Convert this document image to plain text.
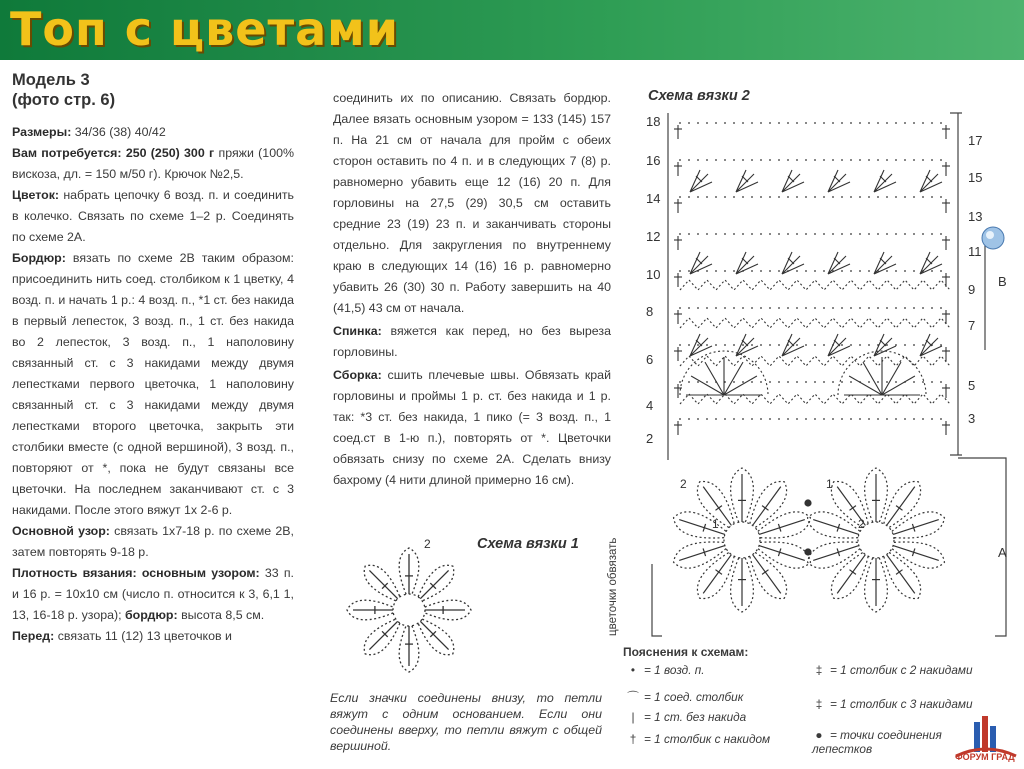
Топ с цветами
Модель 3
(фото стр. 6)
Размеры: 34/36 (38) 40/42
Вам потребуется: 250 (250) 300 г пряжи (100% вискоза, дл. = 150 м/50 г). Крючок №2,5.
Цветок: набрать цепочку 6 возд. п. и соединить в колечко. Связать по схеме 1–2 р. Соединять по схеме 2А.
Бордюр: вязать по схеме 2В таким образом: присоединить нить соед. столбиком к 1 цветку, 4 возд. п. и начать 1 р.: 4 возд. п., *1 ст. без накида в первый лепесток, 3 возд. п., 1 ст. без накида во 2 лепесток, 3 возд. п., 1 наполовину связанный ст. с 3 накидами между двумя лепестками первого цветочка, 1 наполовину связанный ст. с 3 накидами между двумя лепестками второго цветочка, закрыть эти столбики вместе (с одной вершиной), 3 возд. п., повторяют от *, пока не будут связаны все цветочки. На последнем заканчивают ст. с 3 накидами. После этого вяжут 1х 2-6 р.
Основной узор: связать 1х7-18 р. по схеме 2В, затем повторять 9-18 р.
Плотность вязания: основным узором: 33 п. и 16 р. = 10х10 см (число п. относится к 3, 6,1 1, 13, 16-18 р. узора); бордюр: высота 8,5 см.
Перед: связать 11 (12) 13 цветочков и
соединить их по описанию. Связать бордюр. Далее вязать основным узором = 133 (145) 157 п. На 21 см от начала для пройм с обеих сторон оставить по 4 п. и в следующих 7 (8) р. равномерно убавить еще 12 (16) 20 п. Для горловины на 27,5 (29) 30,5 см оставить средние 23 (19) 23 п. и заканчивать стороны отдельно. Для закругления по внутреннему краю в следующих 14 (16) 16 р. равномерно убавить 26 (30) 30 п. Работу завершить на 40 (41,5) 43 см от начала.
Спинка: вяжется как перед, но без выреза горловины.
Сборка: сшить плечевые швы. Обвязать край горловины и проймы 1 р. ст. без накида и 1 р. так: *3 ст. без накида, 1 пико (= 3 возд. п., 1 соед.ст в 1-ю п.), повторять от *. Цветочки обвязать снизу по схеме 2А. Сделать внизу бахрому (4 нити длиной примерно 16 см).
Схема вязки 1
Схема вязки 2
Если значки соединены внизу, то петли вяжут с одним основанием. Если они соединены вверху, то петли вяжут с общей вершиной.
цветочки обвязать
2
18
16
14
12
10
8
6
4
2
17
15
13
11
9
7
5
3
B
A
2
1
1
2
Пояснения к схемам:
• = 1 возд. п.
⌒ = 1 соед. столбик
| = 1 ст. без накида
† = 1 столбик с накидом
‡ = 1 столбик с 2 накидами
‡ = 1 столбик с 3 накидами
● = точки соединения лепестков
ФОРУМ ГРАД
